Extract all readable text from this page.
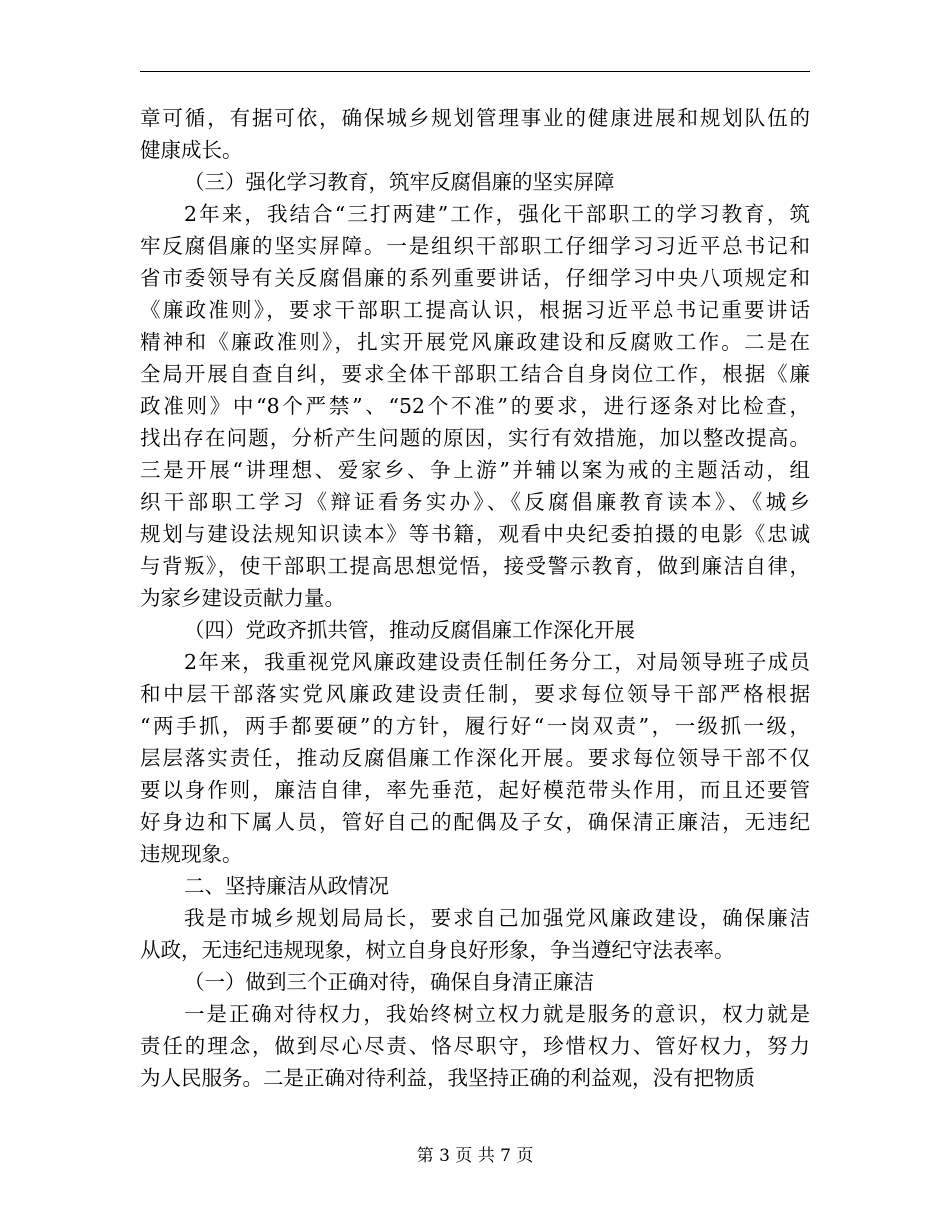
章可循，有据可依，确保城乡规划管理事业的健康进展和规划队伍的
健康成长。
（三）强化学习教育，筑牢反腐倡廉的坚实屏障
2年来，我结合“三打两建”工作，强化干部职工的学习教育，筑
牢反腐倡廉的坚实屏障。一是组织干部职工仔细学习习近平总书记和
省市委领导有关反腐倡廉的系列重要讲话，仔细学习中央八项规定和
《廉政准则》，要求干部职工提高认识，根据习近平总书记重要讲话
精神和《廉政准则》，扎实开展党风廉政建设和反腐败工作。二是在
全局开展自查自纠，要求全体干部职工结合自身岗位工作，根据《廉
政准则》中“8个严禁”、“52个不准”的要求，进行逐条对比检查，
找出存在问题，分析产生问题的原因，实行有效措施，加以整改提高。
三是开展“讲理想、爱家乡、争上游”并辅以案为戒的主题活动，组
织干部职工学习《辩证看务实办》、《反腐倡廉教育读本》、《城乡
规划与建设法规知识读本》等书籍，观看中央纪委拍摄的电影《忠诚
与背叛》，使干部职工提高思想觉悟，接受警示教育，做到廉洁自律，
为家乡建设贡献力量。
（四）党政齐抓共管，推动反腐倡廉工作深化开展
2年来，我重视党风廉政建设责任制任务分工，对局领导班子成员
和中层干部落实党风廉政建设责任制，要求每位领导干部严格根据
“两手抓，两手都要硬”的方针，履行好“一岗双责”，一级抓一级，
层层落实责任，推动反腐倡廉工作深化开展。要求每位领导干部不仅
要以身作则，廉洁自律，率先垂范，起好模范带头作用，而且还要管
好身边和下属人员，管好自己的配偶及子女，确保清正廉洁，无违纪
违规现象。
二、坚持廉洁从政情况
我是市城乡规划局局长，要求自己加强党风廉政建设，确保廉洁
从政，无违纪违规现象，树立自身良好形象，争当遵纪守法表率。
（一）做到三个正确对待，确保自身清正廉洁
一是正确对待权力，我始终树立权力就是服务的意识，权力就是
责任的理念，做到尽心尽责、恪尽职守，珍惜权力、管好权力，努力
为人民服务。二是正确对待利益，我坚持正确的利益观，没有把物质
第 3 页 共 7 页
